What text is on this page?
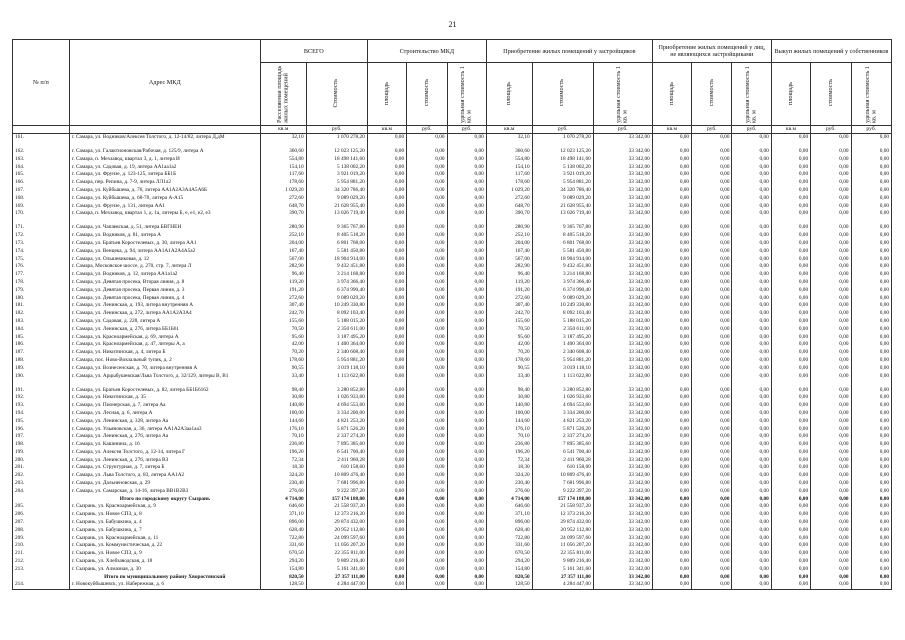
21
№ п/п	Адрес МКД	ВСЕГО		Строительство МКД			Приобретение жилых помещений у застройщиков			Приобретение жилых помещений у лиц, не являющихся застройщиками			Выкуп жилых помещений у собственников		
		Расселяемая площадь жилых помещений	Стоимость	площадь	стоимость	удельная стоимость 1 кв. м	площадь	стоимость	удельная стоимость 1 кв. м	площадь	стоимость	удельная стоимость 1 кв. м	площадь	стоимость	удельная стоимость 1 кв. м
		кв.м	руб.	кв.м	руб.	руб.	кв.м	руб.	руб.	кв.м	руб.	руб.	кв.м	руб.	руб.
161.	г. Самара, ул. Водников/Алексея Толстого, д. 12-14/82, литера Д,дМ	32,10	1 070 278,20	0,00	0,00	0,00	32,10	1 070 278,20	33 342,00	0,00	0,00	0,00	0,00	0,00	0,00
162.	г. Самара, ул. Галактионовская/Рабочая, д. 125/9, литера А	360,60	12 023 125,20	0,00	0,00	0,00	360,60	12 023 125,20	33 342,00	0,00	0,00	0,00	0,00	0,00	0,00
163.	г. Самара, п. Мехзавод, квартал 3, д. 1, литера И	554,80	18 498 141,60	0,00	0,00	0,00	554,80	18 498 141,60	33 342,00	0,00	0,00	0,00	0,00	0,00	0,00
164.	г. Самара, ул. Садовая, д. 19, литера АА1аа1а2	154,10	5 138 002,20	0,00	0,00	0,00	154,10	5 138 002,20	33 342,00	0,00	0,00	0,00	0,00	0,00	0,00
165.	г. Самара, ул. Фрунзе, д. 123-125, литера ББ1Б	117,60	3 921 019,20	0,00	0,00	0,00	117,60	3 921 019,20	33 342,00	0,00	0,00	0,00	0,00	0,00	0,00
166.	г. Самара, пер. Репина, д. 7-9, литера ЛЛ1л2	178,60	5 954 881,20	0,00	0,00	0,00	178,60	5 954 881,20	33 342,00	0,00	0,00	0,00	0,00	0,00	0,00
167.	г. Самара, ул. Куйбышева, д. 76, литера АА1А2А3А4А5А6Б	1 029,20	34 320 786,40	0,00	0,00	0,00	1 029,20	34 320 786,40	33 342,00	0,00	0,00	0,00	0,00	0,00	0,00
168.	г. Самара, ул. Куйбышева, д. 68-70, литера А-А15	272,60	9 089 029,20	0,00	0,00	0,00	272,60	9 089 029,20	33 342,00	0,00	0,00	0,00	0,00	0,00	0,00
169.	г. Самара, ул. Фрунзе, д. 131, литера АА1	648,70	21 628 955,40	0,00	0,00	0,00	648,70	21 628 955,40	33 342,00	0,00	0,00	0,00	0,00	0,00	0,00
170.	г. Самара, п. Мехзавод, квартал 1, д. 1а, литеры Б, е, е1, е2, е3	390,70	13 026 719,40	0,00	0,00	0,00	390,70	13 026 719,40	33 342,00	0,00	0,00	0,00	0,00	0,00	0,00
171.	г. Самара, ул. Чапаевская, д. 51, литера БВГНЕН	280,90	9 365 767,80	0,00	0,00	0,00	280,90	9 365 767,80	33 342,00	0,00	0,00	0,00	0,00	0,00	0,00
172.	г. Самара, ул. Водников, д. 81, литера А	252,10	8 405 518,20	0,00	0,00	0,00	252,10	8 405 518,20	33 342,00	0,00	0,00	0,00	0,00	0,00	0,00
173.	г. Самара, ул. Братьев Коростелевых, д. 30, литера АА1	204,00	6 801 768,00	0,00	0,00	0,00	204,00	6 801 768,00	33 342,00	0,00	0,00	0,00	0,00	0,00	0,00
174.	г. Самара, ул. Венцека, д. 94, литера АА1А1А2А4А5а2	167,40	5 581 450,80	0,00	0,00	0,00	167,40	5 581 450,80	33 342,00	0,00	0,00	0,00	0,00	0,00	0,00
175.	г. Самара, ул. Ольшевиковая, д. 12	567,00	18 904 914,00	0,00	0,00	0,00	567,00	18 904 914,00	33 342,00	0,00	0,00	0,00	0,00	0,00	0,00
176.	г. Самара, Московское шоссе, д. 270, стр. 7, литера Л	282,90	9 432 451,80	0,00	0,00	0,00	282,90	9 432 451,80	33 342,00	0,00	0,00	0,00	0,00	0,00	0,00
177.	г. Самара, ул. Водников, д. 12, литера АА1а1а2	96,40	3 214 168,80	0,00	0,00	0,00	96,40	3 214 168,80	33 342,00	0,00	0,00	0,00	0,00	0,00	0,00
178.	г. Самара, ул. Девятая просека, Вторая линия, д. 8	119,20	3 974 366,40	0,00	0,00	0,00	119,20	3 974 366,40	33 342,00	0,00	0,00	0,00	0,00	0,00	0,00
179.	г. Самара, ул. Девятая просека, Первая линия, д. 3	191,20	6 374 990,40	0,00	0,00	0,00	191,20	6 374 990,40	33 342,00	0,00	0,00	0,00	0,00	0,00	0,00
180.	г. Самара, ул. Девятая просека, Первая линия, д. 4	272,60	9 089 029,20	0,00	0,00	0,00	272,60	9 089 029,20	33 342,00	0,00	0,00	0,00	0,00	0,00	0,00
181.	г. Самара, ул. Ленинская, д. 193, литера внутренняя А	307,40	10 249 330,80	0,00	0,00	0,00	307,40	10 249 330,80	33 342,00	0,00	0,00	0,00	0,00	0,00	0,00
182.	г. Самара, ул. Ленинская, д. 272, литера АА1А2А3А4	242,70	8 092 103,40	0,00	0,00	0,00	242,70	8 092 103,40	33 342,00	0,00	0,00	0,00	0,00	0,00	0,00
183.	г. Самара, ул. Садовая, д. 228, литера А	155,60	5 188 015,20	0,00	0,00	0,00	155,60	5 188 015,20	33 342,00	0,00	0,00	0,00	0,00	0,00	0,00
184.	г. Самара, ул. Ленинская, д. 276, литера ББ1Б61	70,50	2 350 611,00	0,00	0,00	0,00	70,50	2 350 611,00	33 342,00	0,00	0,00	0,00	0,00	0,00	0,00
185.	г. Самара, ул. Красноармейская, д. 69, литера А	95,60	3 187 495,20	0,00	0,00	0,00	95,60	3 187 495,20	33 342,00	0,00	0,00	0,00	0,00	0,00	0,00
186.	г. Самара, ул. Красноармейская, д. 47, литеры А, а	42,00	1 400 364,00	0,00	0,00	0,00	42,00	1 400 364,00	33 342,00	0,00	0,00	0,00	0,00	0,00	0,00
187.	г. Самара, ул. Никитинская, д. 4, литера Б	70,20	2 340 608,40	0,00	0,00	0,00	70,20	2 340 608,40	33 342,00	0,00	0,00	0,00	0,00	0,00	0,00
188.	г. Самара, пос. Ново-Вокзальный тупик, д. 2	178,60	5 954 881,20	0,00	0,00	0,00	178,60	5 954 881,20	33 342,00	0,00	0,00	0,00	0,00	0,00	0,00
189.	г. Самара, ул. Вознесенская, д. 70, литера внутренняя А	90,55	3 019 118,10	0,00	0,00	0,00	90,55	3 019 118,10	33 342,00	0,00	0,00	0,00	0,00	0,00	0,00
190.	г. Самара, ул. Арцыбушевская/Льва Толстого, д. 32/129, литеры В, В1	33,40	1 113 622,80	0,00	0,00	0,00	33,40	1 113 622,80	33 342,00	0,00	0,00	0,00	0,00	0,00	0,00
191.	г. Самара, ул. Братьев Коростелевых, д. 82, литера ББ1Б6162	98,40	3 280 852,80	0,00	0,00	0,00	98,40	3 280 852,80	33 342,00	0,00	0,00	0,00	0,00	0,00	0,00
192.	г. Самара, ул. Никитинская, д. 35	30,80	1 026 933,60	0,00	0,00	0,00	30,80	1 026 933,60	33 342,00	0,00	0,00	0,00	0,00	0,00	0,00
193.	г. Самара, ул. Пионерская, д. 7, литера Аа	140,80	4 694 553,60	0,00	0,00	0,00	140,80	4 694 553,60	33 342,00	0,00	0,00	0,00	0,00	0,00	0,00
194.	г. Самара, ул. Лесная, д. 6, литера А	100,00	3 334 200,00	0,00	0,00	0,00	100,00	3 334 200,00	33 342,00	0,00	0,00	0,00	0,00	0,00	0,00
195.	г. Самара, ул. Ленинская, д. 328, литера Аа	144,60	4 821 253,20	0,00	0,00	0,00	144,60	4 821 253,20	33 342,00	0,00	0,00	0,00	0,00	0,00	0,00
196.	г. Самара, ул. Ульяновская, д. 36, литера АА1А2А3аа1аа3	176,10	5 871 526,20	0,00	0,00	0,00	176,10	5 871 526,20	33 342,00	0,00	0,00	0,00	0,00	0,00	0,00
197.	г. Самара, ул. Ленинская, д. 276, литера Аа	70,10	2 337 274,20	0,00	0,00	0,00	70,10	2 337 274,20	33 342,00	0,00	0,00	0,00	0,00	0,00	0,00
198.	г. Самара, ул. Кашинина, д. 16	236,80	7 895 385,60	0,00	0,00	0,00	236,80	7 895 385,60	33 342,00	0,00	0,00	0,00	0,00	0,00	0,00
199.	г. Самара, ул. Алексея Толстого, д. 12-14, литера Г	196,20	6 541 700,40	0,00	0,00	0,00	196,20	6 541 700,40	33 342,00	0,00	0,00	0,00	0,00	0,00	0,00
200.	г. Самара, ул. Ленинская, д. 276, литера ВЗ	72,34	2 411 960,28	0,00	0,00	0,00	72,34	2 411 960,28	33 342,00	0,00	0,00	0,00	0,00	0,00	0,00
201.	г. Самара, ул. Структурная, д. 7, литера Б	18,30	610 158,60	0,00	0,00	0,00	18,30	610 158,60	33 342,00	0,00	0,00	0,00	0,00	0,00	0,00
202.	г. Самара, ул. Льва Толстого, д. 83, литера АА1А2	324,20	10 809 476,40	0,00	0,00	0,00	324,20	10 809 476,40	33 342,00	0,00	0,00	0,00	0,00	0,00	0,00
203.	г. Самара, ул. Дальненовская, д. 29	230,40	7 681 996,80	0,00	0,00	0,00	230,40	7 681 996,80	33 342,00	0,00	0,00	0,00	0,00	0,00	0,00
204.	г. Самара, ул. Самарская, д. 14-16, литера ВВ1В2В3	276,60	9 222 397,20	0,00	0,00	0,00	276,60	9 222 397,20	33 342,00	0,00	0,00	0,00	0,00	0,00	0,00
	Итого по городскому округу Сызрань	4 714,00	157 174 188,00	0,00	0,00	0,00	4 714,00	157 174 188,00	33 342,00	0,00	0,00	0,00	0,00	0,00	0,00
205.	г. Сызрань, ул. Красноармейская, д. 9	646,60	21 558 937,20	0,00	0,00	0,00	646,60	21 558 937,20	33 342,00	0,00	0,00	0,00	0,00	0,00	0,00
206.	г. Сызрань, ул. Новое СПЗ, д. 8	371,10	12 373 216,20	0,00	0,00	0,00	371,10	12 373 216,20	33 342,00	0,00	0,00	0,00	0,00	0,00	0,00
207.	г. Сызрань, ул. Бабушкина, д. 4	896,00	29 874 432,00	0,00	0,00	0,00	896,00	29 874 432,00	33 342,00	0,00	0,00	0,00	0,00	0,00	0,00
208.	г. Сызрань, ул. Бабушкина, д. 7	628,40	20 952 112,80	0,00	0,00	0,00	628,40	20 952 112,80	33 342,00	0,00	0,00	0,00	0,00	0,00	0,00
209.	г. Сызрань, ул. Красноармейская, д. 11	722,80	24 099 597,60	0,00	0,00	0,00	722,80	24 099 597,60	33 342,00	0,00	0,00	0,00	0,00	0,00	0,00
210.	г. Сызрань, ул. Коммунистическая, д. 22	331,60	11 056 207,20	0,00	0,00	0,00	331,60	11 056 207,20	33 342,00	0,00	0,00	0,00	0,00	0,00	0,00
211.	г. Сызрань, ул. Новое СПЗ, д. 9	670,50	22 355 811,00	0,00	0,00	0,00	670,50	22 355 811,00	33 342,00	0,00	0,00	0,00	0,00	0,00	0,00
212.	г. Сызрань, ул. Хлебзаводская, д. 18	294,20	9 809 216,40	0,00	0,00	0,00	294,20	9 809 216,40	33 342,00	0,00	0,00	0,00	0,00	0,00	0,00
213.	г. Сызрань, ул. Алмазная, д. 30	154,80	5 161 341,60	0,00	0,00	0,00	154,80	5 161 341,60	33 342,00	0,00	0,00	0,00	0,00	0,00	0,00
	Итого по муниципальному району Хворостянский	820,50	27 357 111,00	0,00	0,00	0,00	820,50	27 357 111,00	33 342,00	0,00	0,00	0,00	0,00	0,00	0,00
214.	г. Новокуйбышевск, ул. Набережная, д. 6	128,50	4 284 447,00	0,00	0,00	0,00	128,50	4 284 447,00	33 342,00	0,00	0,00	0,00	0,00	0,00	0,00
